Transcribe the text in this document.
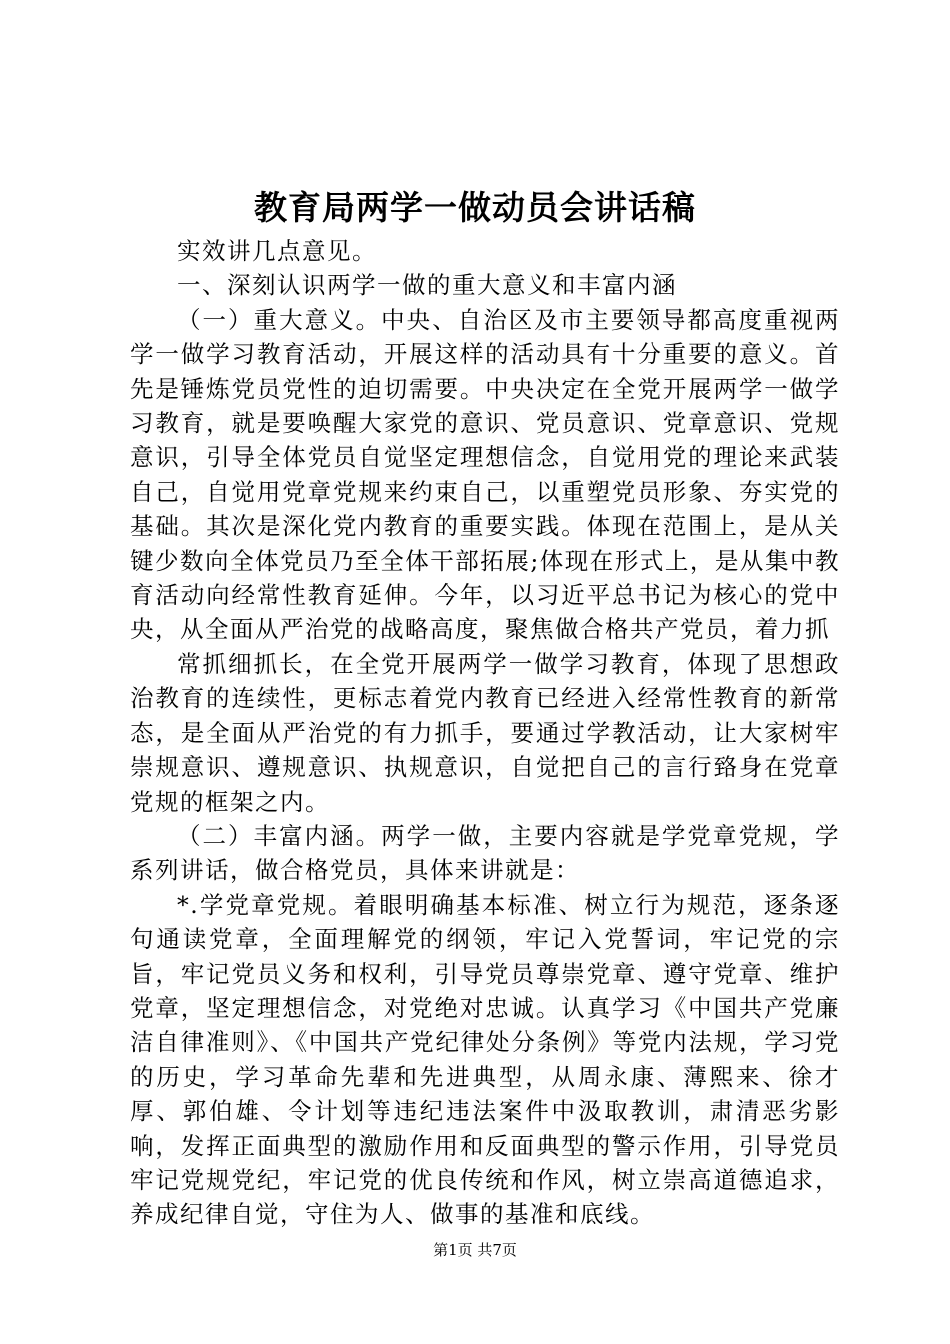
教育局两学一做动员会讲话稿

实效讲几点意见。

一、深刻认识两学一做的重大意义和丰富内涵

（一）重大意义。中央、自治区及市主要领导都高度重视两学一做学习教育活动，开展这样的活动具有十分重要的意义。首先是锤炼党员党性的迫切需要。中央决定在全党开展两学一做学习教育，就是要唤醒大家党的意识、党员意识、党章意识、党规意识，引导全体党员自觉坚定理想信念，自觉用党的理论来武装自己，自觉用党章党规来约束自己，以重塑党员形象、夯实党的基础。其次是深化党内教育的重要实践。体现在范围上，是从关键少数向全体党员乃至全体干部拓展;体现在形式上，是从集中教育活动向经常性教育延伸。今年，以习近平总书记为核心的党中央，从全面从严治党的战略高度，聚焦做合格共产党员，着力抓

常抓细抓长，在全党开展两学一做学习教育，体现了思想政治教育的连续性，更标志着党内教育已经进入经常性教育的新常态，是全面从严治党的有力抓手，要通过学教活动，让大家树牢崇规意识、遵规意识、执规意识，自觉把自己的言行臵身在党章党规的框架之内。

（二）丰富内涵。两学一做，主要内容就是学党章党规，学系列讲话，做合格党员，具体来讲就是：

*.学党章党规。着眼明确基本标准、树立行为规范，逐条逐句通读党章，全面理解党的纲领，牢记入党誓词，牢记党的宗旨，牢记党员义务和权利，引导党员尊崇党章、遵守党章、维护党章，坚定理想信念，对党绝对忠诚。认真学习《中国共产党廉洁自律准则》、《中国共产党纪律处分条例》等党内法规，学习党的历史，学习革命先辈和先进典型，从周永康、薄熙来、徐才厚、郭伯雄、令计划等违纪违法案件中汲取教训，肃清恶劣影响，发挥正面典型的激励作用和反面典型的警示作用，引导党员牢记党规党纪，牢记党的优良传统和作风，树立崇高道德追求，养成纪律自觉，守住为人、做事的基准和底线。

第1页 共7页
